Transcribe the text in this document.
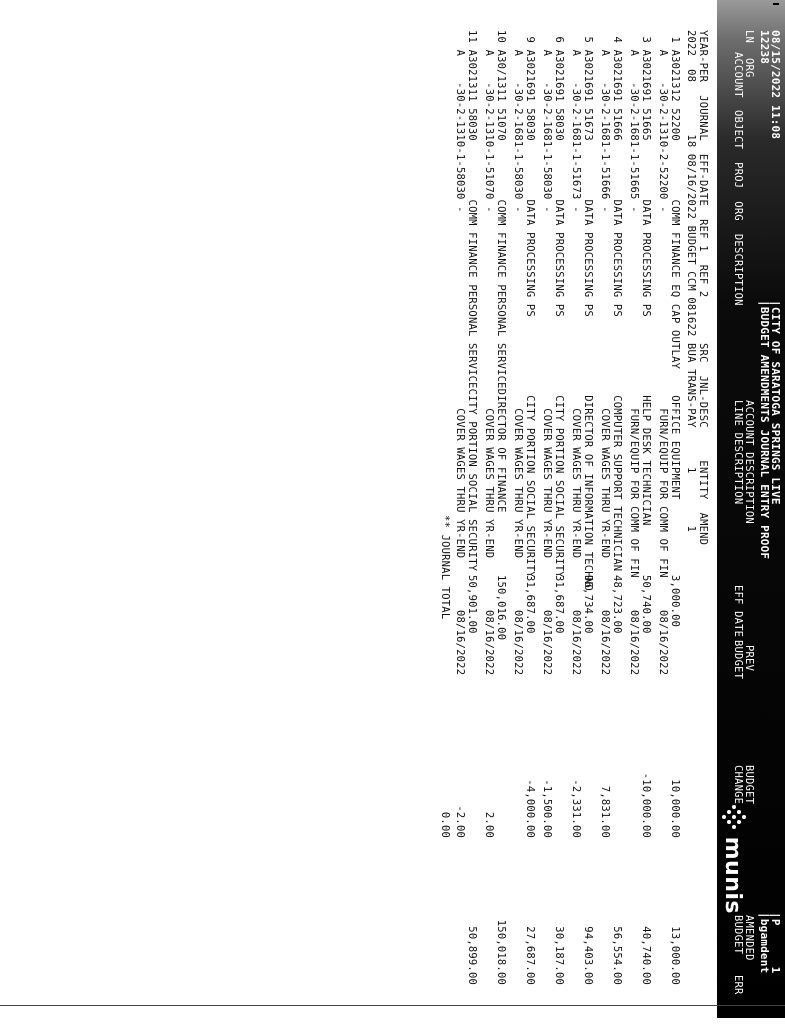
08/15/2022 11:08
12238
|CITY OF SARATOGA SPRINGS LIVE
|BUDGET AMENDMENTS JOURNAL ENTRY PROOF
|P      1
|bgamdent
munis
LN
ORG
ACCOUNT
OBJECT  PROJ  ORG  DESCRIPTION
ACCOUNT DESCRIPTION
LINE DESCRIPTION
EFF DATE
PREV
BUDGET
BUDGET
CHANGE
AMENDED
BUDGET
ERR
YEAR-PER  JOURNAL  EFF-DATE  REF 1  REF 2       SRC  JNL-DESC     ENTITY  AMEND
2022  08        18 08/16/2022 BUDGET CCM 081622 BUA TRANS-PAY      1        1
1 A3021312 52200         COMM FINANCE EQ CAP OUTLAY    OFFICE EQUIPMENT
A    -30-2-1310-2-52200 -                              FURN/EQUIP FOR COMM OF FIN
3,000.00
08/16/2022
10,000.00
13,000.00
3 A3021691 51665         DATA PROCESSING PS            HELP DESK TECHNICIAN
A    -30-2-1681-1-51665 -                              FURN/EQUIP FOR COMM OF FIN
50,740.00
08/16/2022
-10,000.00
40,740.00
4 A3021691 51666         DATA PROCESSING PS            COMPUTER SUPPORT TECHNICIAN
A    -30-2-1681-1-51666 -                              COVER WAGES THRU YR-END
48,723.00
08/16/2022
7,831.00
56,554.00
5 A3021691 51673         DATA PROCESSING PS            DIRECTOR OF INFORMATION TECHNO
A    -30-2-1681-1-51673 -                              COVER WAGES THRU YR-END
96,734.00
08/16/2022
-2,331.00
94,403.00
6 A3021691 58030         DATA PROCESSING PS            CITY PORTION SOCIAL SECURITY
A    -30-2-1681-1-58030 -                              COVER WAGES THRU YR-END
31,687.00
08/16/2022
-1,500.00
30,187.00
9 A3021691 58030         DATA PROCESSING PS            CITY PORTION SOCIAL SECURITY
A    -30-2-1681-1-58030 -                              COVER WAGES THRU YR-END
31,687.00
08/16/2022
-4,000.00
27,687.00
10 A30/1311 51070         COMM FINANCE PERSONAL SERVICEDIRECTOR OF FINANCE
A    -30-2-1310-1-51070 -                              COVER WAGES THRU YR-END
150,016.00
08/16/2022
2.00
150,018.00
11 A3021311 58030         COMM FINANCE PERSONAL SERVICECITY PORTION SOCIAL SECURITY
A    -30-2-1310-1-58030 -                              COVER WAGES THRU YR-END
50,901.00
08/16/2022
-2.00
50,899.00
** JOURNAL TOTAL
0.00
